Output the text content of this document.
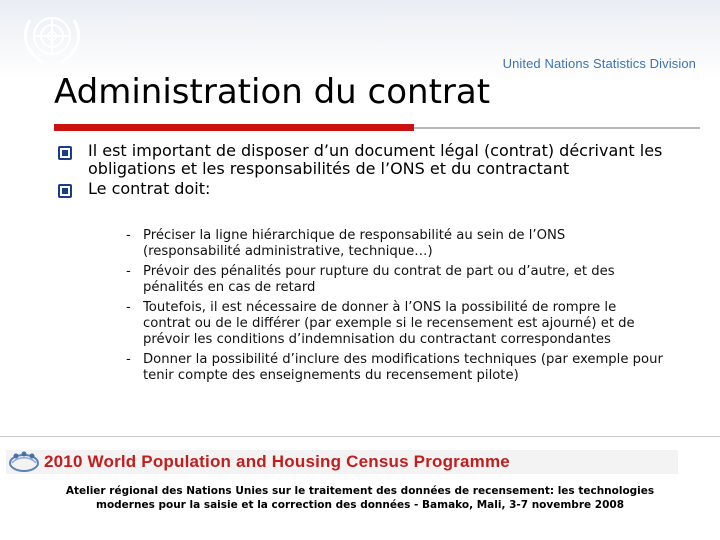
United Nations Statistics Division
Administration du contrat
Il est important de disposer d’un document légal (contrat) décrivant les obligations et les responsabilités de l’ONS et du contractant
Le contrat doit:
- Préciser la ligne hiérarchique de responsabilité au sein de l’ONS (responsabilité administrative, technique…)
- Prévoir des pénalités pour rupture du contrat de part ou d’autre, et des pénalités en cas de retard
- Toutefois, il est nécessaire de donner à l’ONS la possibilité de rompre le contrat ou de le différer (par exemple si le recensement est ajourné) et de prévoir les conditions d’indemnisation du contractant correspondantes
- Donner la possibilité d’inclure des modifications techniques (par exemple pour tenir compte des enseignements du recensement pilote)
2010 World Population and Housing Census Programme
Atelier régional des Nations Unies sur le traitement des données de recensement: les technologies
modernes pour la saisie et la correction des données - Bamako, Mali, 3-7 novembre 2008
